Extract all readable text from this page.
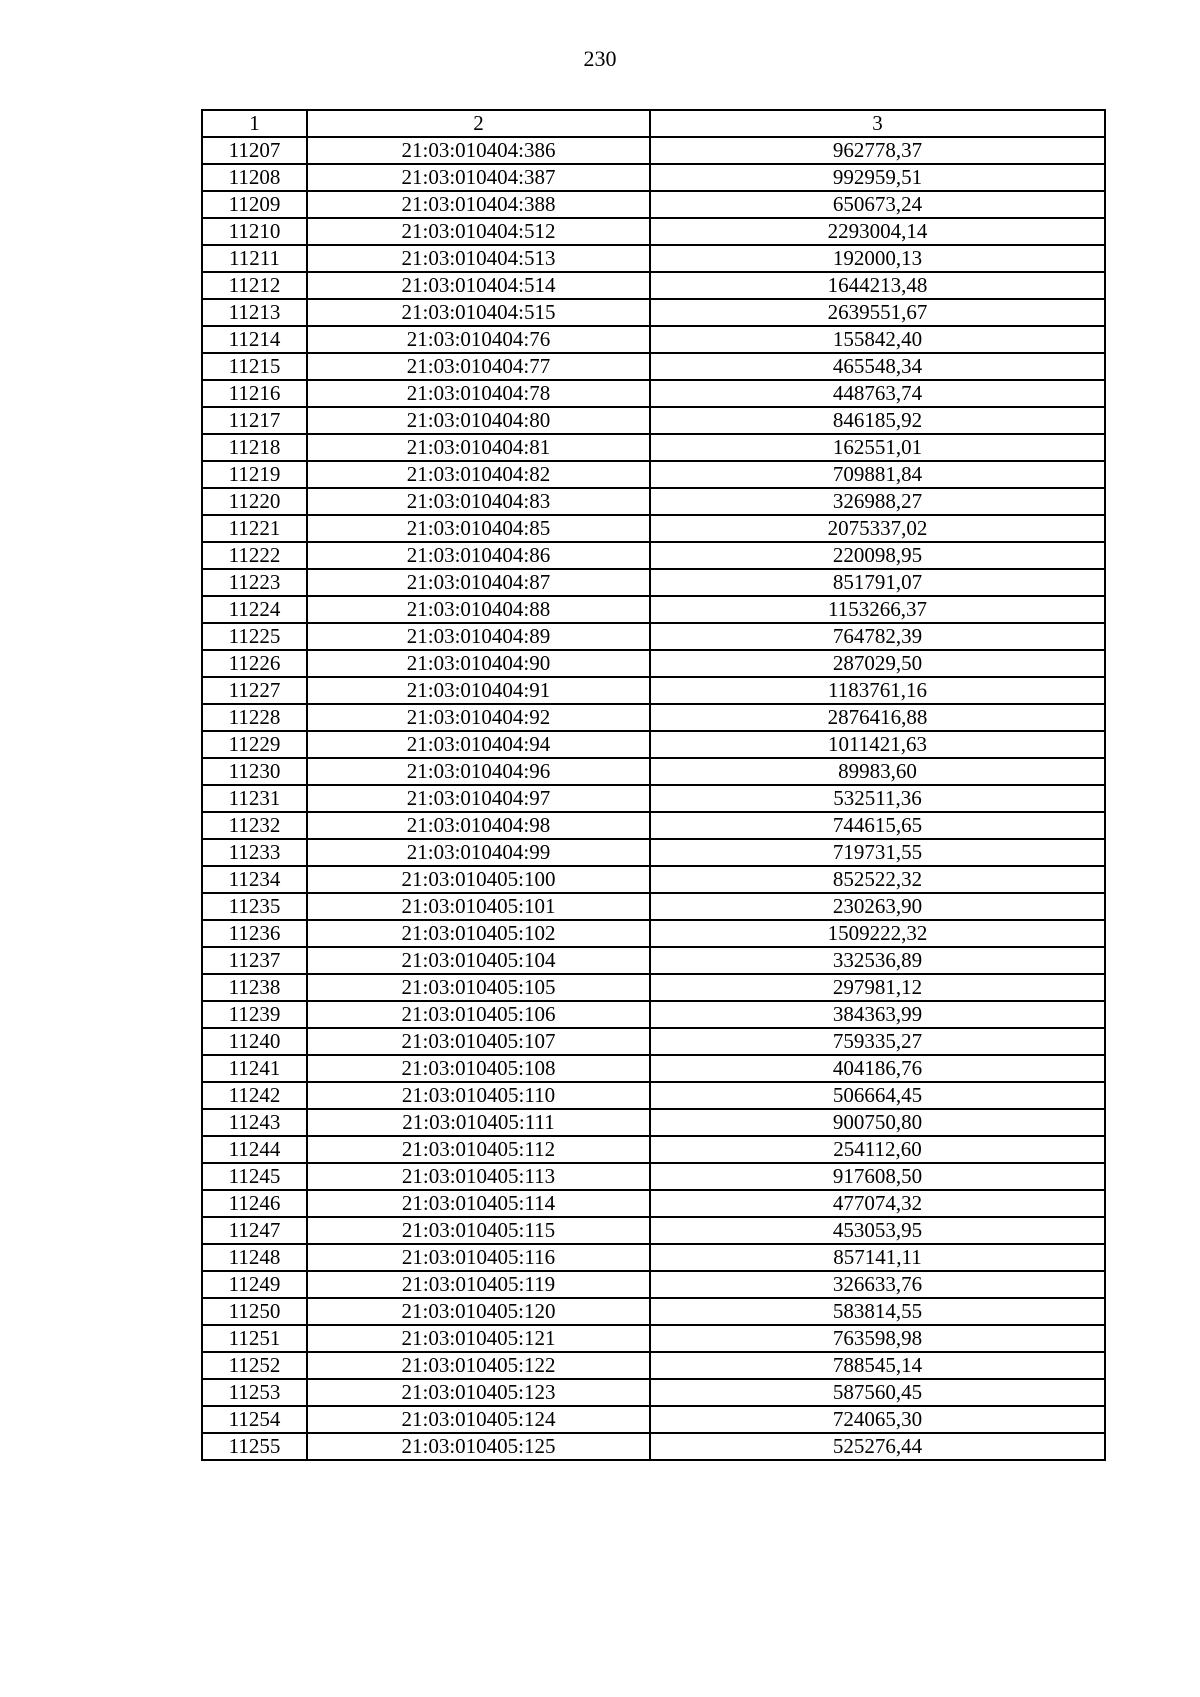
230
1	2	3
11207	21:03:010404:386	962778,37
11208	21:03:010404:387	992959,51
11209	21:03:010404:388	650673,24
11210	21:03:010404:512	2293004,14
11211	21:03:010404:513	192000,13
11212	21:03:010404:514	1644213,48
11213	21:03:010404:515	2639551,67
11214	21:03:010404:76	155842,40
11215	21:03:010404:77	465548,34
11216	21:03:010404:78	448763,74
11217	21:03:010404:80	846185,92
11218	21:03:010404:81	162551,01
11219	21:03:010404:82	709881,84
11220	21:03:010404:83	326988,27
11221	21:03:010404:85	2075337,02
11222	21:03:010404:86	220098,95
11223	21:03:010404:87	851791,07
11224	21:03:010404:88	1153266,37
11225	21:03:010404:89	764782,39
11226	21:03:010404:90	287029,50
11227	21:03:010404:91	1183761,16
11228	21:03:010404:92	2876416,88
11229	21:03:010404:94	1011421,63
11230	21:03:010404:96	89983,60
11231	21:03:010404:97	532511,36
11232	21:03:010404:98	744615,65
11233	21:03:010404:99	719731,55
11234	21:03:010405:100	852522,32
11235	21:03:010405:101	230263,90
11236	21:03:010405:102	1509222,32
11237	21:03:010405:104	332536,89
11238	21:03:010405:105	297981,12
11239	21:03:010405:106	384363,99
11240	21:03:010405:107	759335,27
11241	21:03:010405:108	404186,76
11242	21:03:010405:110	506664,45
11243	21:03:010405:111	900750,80
11244	21:03:010405:112	254112,60
11245	21:03:010405:113	917608,50
11246	21:03:010405:114	477074,32
11247	21:03:010405:115	453053,95
11248	21:03:010405:116	857141,11
11249	21:03:010405:119	326633,76
11250	21:03:010405:120	583814,55
11251	21:03:010405:121	763598,98
11252	21:03:010405:122	788545,14
11253	21:03:010405:123	587560,45
11254	21:03:010405:124	724065,30
11255	21:03:010405:125	525276,44
